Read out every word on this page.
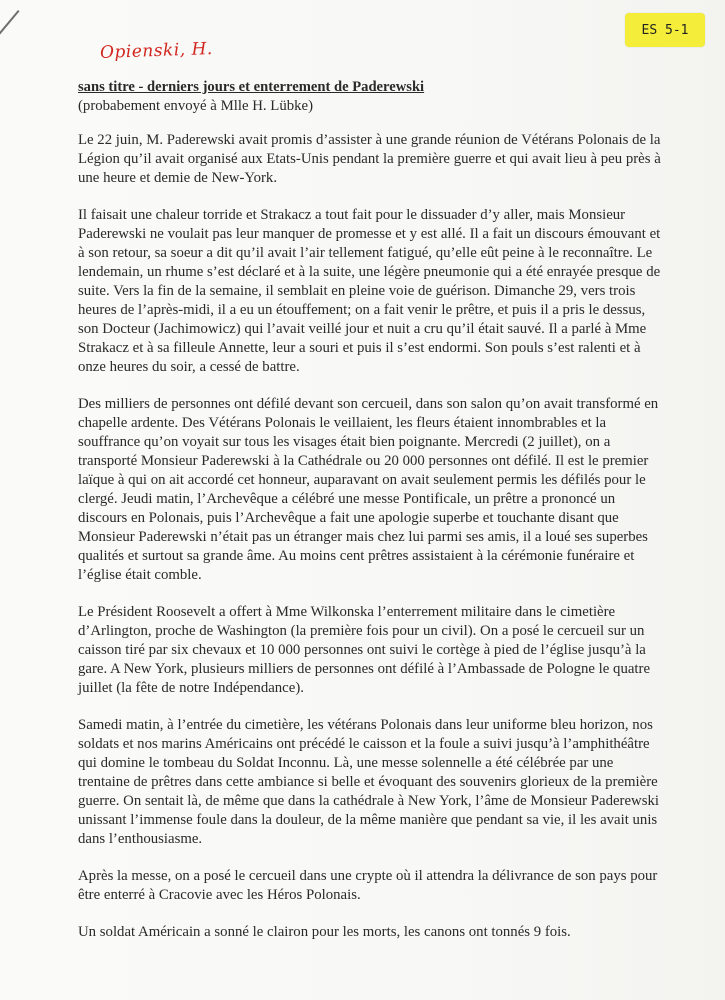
ES 5-1
Opienski, H.

sans titre - derniers jours et enterrement de Paderewski

(probabement envoyé à Mlle H. Lübke)

Le 22 juin, M. Paderewski avait promis d’assister à une grande réunion de Vétérans Polonais de la Légion qu’il avait organisé aux Etats-Unis pendant la première guerre et qui avait lieu à peu près à une heure et demie de New-York.

Il faisait une chaleur torride et Strakacz a tout fait pour le dissuader d’y aller, mais Monsieur Paderewski ne voulait pas leur manquer de promesse et y est allé. Il a fait un discours émouvant et à son retour, sa soeur a dit qu’il avait l’air tellement fatigué, qu’elle eût peine à le reconnaître. Le lendemain, un rhume s’est déclaré et à la suite, une légère pneumonie qui a été enrayée presque de suite. Vers la fin de la semaine, il semblait en pleine voie de guérison. Dimanche 29, vers trois heures de l’après-midi, il a eu un étouffement; on a fait venir le prêtre, et puis il a pris le dessus, son Docteur (Jachimowicz) qui l’avait veillé jour et nuit a cru qu’il était sauvé. Il a parlé à Mme Strakacz et à sa filleule Annette, leur a souri et puis il s’est endormi. Son pouls s’est ralenti et à onze heures du soir, a cessé de battre.

Des milliers de personnes ont défilé devant son cercueil, dans son salon qu’on avait transformé en chapelle ardente. Des Vétérans Polonais le veillaient, les fleurs étaient innombrables et la souffrance qu’on voyait sur tous les visages était bien poignante. Mercredi (2 juillet), on a transporté Monsieur Paderewski à la Cathédrale ou 20 000 personnes ont défilé. Il est le premier laïque à qui on ait accordé cet honneur, auparavant on avait seulement permis les défilés pour le clergé. Jeudi matin, l’Archevêque a célébré une messe Pontificale, un prêtre a prononcé un discours en Polonais, puis l’Archevêque a fait une apologie superbe et touchante disant que Monsieur Paderewski n’était pas un étranger mais chez lui parmi ses amis, il a loué ses superbes qualités et surtout sa grande âme. Au moins cent prêtres assistaient à la cérémonie funéraire et l’église était comble.

Le Président Roosevelt a offert à Mme Wilkonska l’enterrement militaire dans le cimetière d’Arlington, proche de Washington (la première fois pour un civil). On a posé le cercueil sur un caisson tiré par six chevaux et 10 000 personnes ont suivi le cortège à pied de l’église jusqu’à la gare. A New York, plusieurs milliers de personnes ont défilé à l’Ambassade de Pologne le quatre juillet (la fête de notre Indépendance).

Samedi matin, à l’entrée du cimetière, les vétérans Polonais dans leur uniforme bleu horizon, nos soldats et nos marins Américains ont précédé le caisson et la foule a suivi jusqu’à l’amphithéâtre qui domine le tombeau du Soldat Inconnu. Là, une messe solennelle a été célébrée par une trentaine de prêtres dans cette ambiance si belle et évoquant des souvenirs glorieux de la première guerre. On sentait là, de même que dans la cathédrale à New York, l’âme de Monsieur Paderewski unissant l’immense foule dans la douleur, de la même manière que pendant sa vie, il les avait unis dans l’enthousiasme.

Après la messe, on a posé le cercueil dans une crypte où il attendra la délivrance de son pays pour être enterré à Cracovie avec les Héros Polonais.

Un soldat Américain a sonné le clairon pour les morts, les canons ont tonnés 9 fois.
